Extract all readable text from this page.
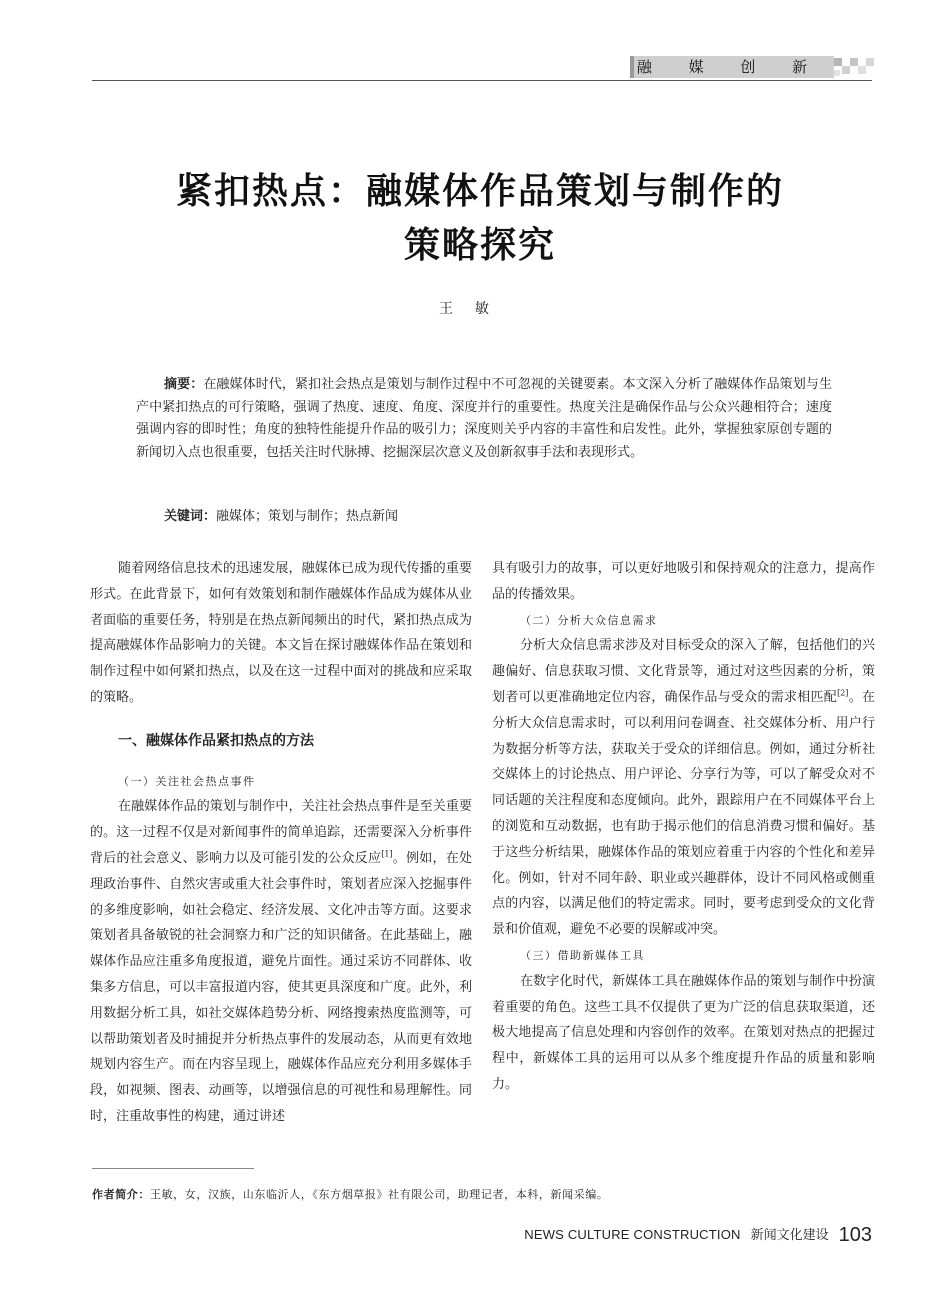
融 媒 创 新
紧扣热点：融媒体作品策划与制作的
策略探究
王敏

摘要：在融媒体时代，紧扣社会热点是策划与制作过程中不可忽视的关键要素。本文深入分析了融媒体作品策划与生产中紧扣热点的可行策略，强调了热度、速度、角度、深度并行的重要性。热度关注是确保作品与公众兴趣相符合；速度强调内容的即时性；角度的独特性能提升作品的吸引力；深度则关乎内容的丰富性和启发性。此外，掌握独家原创专题的新闻切入点也很重要，包括关注时代脉搏、挖掘深层次意义及创新叙事手法和表现形式。

关键词：融媒体；策划与制作；热点新闻

随着网络信息技术的迅速发展，融媒体已成为现代传播的重要形式。在此背景下，如何有效策划和制作融媒体作品成为媒体从业者面临的重要任务，特别是在热点新闻频出的时代，紧扣热点成为提高融媒体作品影响力的关键。本文旨在探讨融媒体作品在策划和制作过程中如何紧扣热点，以及在这一过程中面对的挑战和应采取的策略。

一、融媒体作品紧扣热点的方法

（一）关注社会热点事件

在融媒体作品的策划与制作中，关注社会热点事件是至关重要的。这一过程不仅是对新闻事件的简单追踪，还需要深入分析事件背后的社会意义、影响力以及可能引发的公众反应[1]。例如，在处理政治事件、自然灾害或重大社会事件时，策划者应深入挖掘事件的多维度影响，如社会稳定、经济发展、文化冲击等方面。这要求策划者具备敏锐的社会洞察力和广泛的知识储备。在此基础上，融媒体作品应注重多角度报道，避免片面性。通过采访不同群体、收集多方信息，可以丰富报道内容，使其更具深度和广度。此外，利用数据分析工具，如社交媒体趋势分析、网络搜索热度监测等，可以帮助策划者及时捕捉并分析热点事件的发展动态，从而更有效地规划内容生产。而在内容呈现上，融媒体作品应充分利用多媒体手段，如视频、图表、动画等，以增强信息的可视性和易理解性。同时，注重故事性的构建，通过讲述

具有吸引力的故事，可以更好地吸引和保持观众的注意力，提高作品的传播效果。

（二）分析大众信息需求

分析大众信息需求涉及对目标受众的深入了解，包括他们的兴趣偏好、信息获取习惯、文化背景等，通过对这些因素的分析，策划者可以更准确地定位内容，确保作品与受众的需求相匹配[2]。在分析大众信息需求时，可以利用问卷调查、社交媒体分析、用户行为数据分析等方法，获取关于受众的详细信息。例如，通过分析社交媒体上的讨论热点、用户评论、分享行为等，可以了解受众对不同话题的关注程度和态度倾向。此外，跟踪用户在不同媒体平台上的浏览和互动数据，也有助于揭示他们的信息消费习惯和偏好。基于这些分析结果，融媒体作品的策划应着重于内容的个性化和差异化。例如，针对不同年龄、职业或兴趣群体，设计不同风格或侧重点的内容，以满足他们的特定需求。同时，要考虑到受众的文化背景和价值观，避免不必要的误解或冲突。

（三）借助新媒体工具

在数字化时代，新媒体工具在融媒体作品的策划与制作中扮演着重要的角色。这些工具不仅提供了更为广泛的信息获取渠道，还极大地提高了信息处理和内容创作的效率。在策划对热点的把握过程中，新媒体工具的运用可以从多个维度提升作品的质量和影响力。

作者简介：王敏，女，汉族，山东临沂人，《东方烟草报》社有限公司，助理记者，本科，新闻采编。
NEWS CULTURE CONSTRUCTION 新闻文化建设 103
